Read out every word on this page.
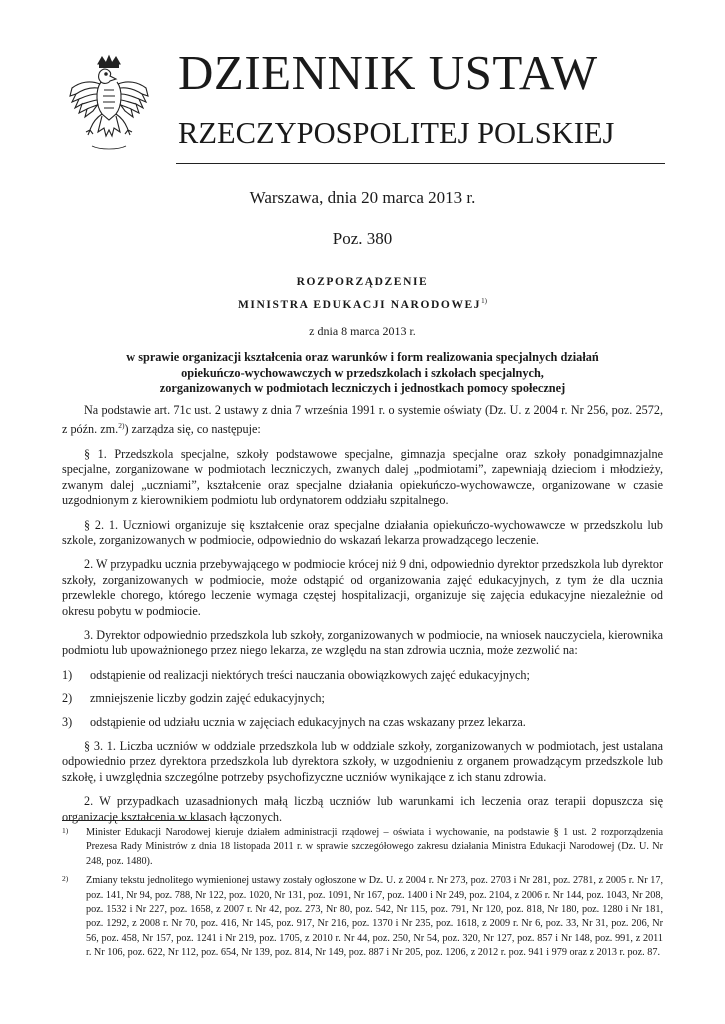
DZIENNIK USTAW
RZECZYPOSPOLITEJ POLSKIEJ
Warszawa, dnia 20 marca 2013 r.
Poz. 380
ROZPORZĄDZENIE
MINISTRA EDUKACJI NARODOWEJ$^{1)}$
z dnia 8 marca 2013 r.
w sprawie organizacji kształcenia oraz warunków i form realizowania specjalnych działań
opiekuńczo-wychowawczych w przedszkolach i szkołach specjalnych,
zorganizowanych w podmiotach leczniczych i jednostkach pomocy społecznej

Na podstawie art. 71c ust. 2 ustawy z dnia 7 września 1991 r. o systemie oświaty (Dz. U. z 2004 r. Nr 256, poz. 2572, z późn. zm.$^{2)}$) zarządza się, co następuje:

§ 1. Przedszkola specjalne, szkoły podstawowe specjalne, gimnazja specjalne oraz szkoły ponadgimnazjalne specjalne, zorganizowane w podmiotach leczniczych, zwanych dalej „podmiotami”, zapewniają dzieciom i młodzieży, zwanym dalej „uczniami”, kształcenie oraz specjalne działania opiekuńczo-wychowawcze, organizowane w czasie uzgodnionym z kierownikiem podmiotu lub ordynatorem oddziału szpitalnego.

§ 2. 1. Uczniowi organizuje się kształcenie oraz specjalne działania opiekuńczo-wychowawcze w przedszkolu lub szkole, zorganizowanych w podmiocie, odpowiednio do wskazań lekarza prowadzącego leczenie.

2. W przypadku ucznia przebywającego w podmiocie krócej niż 9 dni, odpowiednio dyrektor przedszkola lub dyrektor szkoły, zorganizowanych w podmiocie, może odstąpić od organizowania zajęć edukacyjnych, z tym że dla ucznia przewlekle chorego, którego leczenie wymaga częstej hospitalizacji, organizuje się zajęcia edukacyjne niezależnie od okresu pobytu w podmiocie.

3. Dyrektor odpowiednio przedszkola lub szkoły, zorganizowanych w podmiocie, na wniosek nauczyciela, kierownika podmiotu lub upoważnionego przez niego lekarza, ze względu na stan zdrowia ucznia, może zezwolić na:

1)	odstąpienie od realizacji niektórych treści nauczania obowiązkowych zajęć edukacyjnych;
2)	zmniejszenie liczby godzin zajęć edukacyjnych;
3)	odstąpienie od udziału ucznia w zajęciach edukacyjnych na czas wskazany przez lekarza.

§ 3. 1. Liczba uczniów w oddziale przedszkola lub w oddziale szkoły, zorganizowanych w podmiotach, jest ustalana odpowiednio przez dyrektora przedszkola lub dyrektora szkoły, w uzgodnieniu z organem prowadzącym przedszkole lub szkołę, i uwzględnia szczególne potrzeby psychofizyczne uczniów wynikające z ich stanu zdrowia.

2. W przypadkach uzasadnionych małą liczbą uczniów lub warunkami ich leczenia oraz terapii dopuszcza się organizację kształcenia w klasach łączonych.

1)	Minister Edukacji Narodowej kieruje działem administracji rządowej – oświata i wychowanie, na podstawie § 1 ust. 2 rozporządzenia Prezesa Rady Ministrów z dnia 18 listopada 2011 r. w sprawie szczegółowego zakresu działania Ministra Edukacji Narodowej (Dz. U. Nr 248, poz. 1480).
2)	Zmiany tekstu jednolitego wymienionej ustawy zostały ogłoszone w Dz. U. z 2004 r. Nr 273, poz. 2703 i Nr 281, poz. 2781, z 2005 r. Nr 17, poz. 141, Nr 94, poz. 788, Nr 122, poz. 1020, Nr 131, poz. 1091, Nr 167, poz. 1400 i Nr 249, poz. 2104, z 2006 r. Nr 144, poz. 1043, Nr 208, poz. 1532 i Nr 227, poz. 1658, z 2007 r. Nr 42, poz. 273, Nr 80, poz. 542, Nr 115, poz. 791, Nr 120, poz. 818, Nr 180, poz. 1280 i Nr 181, poz. 1292, z 2008 r. Nr 70, poz. 416, Nr 145, poz. 917, Nr 216, poz. 1370 i Nr 235, poz. 1618, z 2009 r. Nr 6, poz. 33, Nr 31, poz. 206, Nr 56, poz. 458, Nr 157, poz. 1241 i Nr 219, poz. 1705, z 2010 r. Nr 44, poz. 250, Nr 54, poz. 320, Nr 127, poz. 857 i Nr 148, poz. 991, z 2011 r. Nr 106, poz. 622, Nr 112, poz. 654, Nr 139, poz. 814, Nr 149, poz. 887 i Nr 205, poz. 1206, z 2012 r. poz. 941 i 979 oraz z 2013 r. poz. 87.
